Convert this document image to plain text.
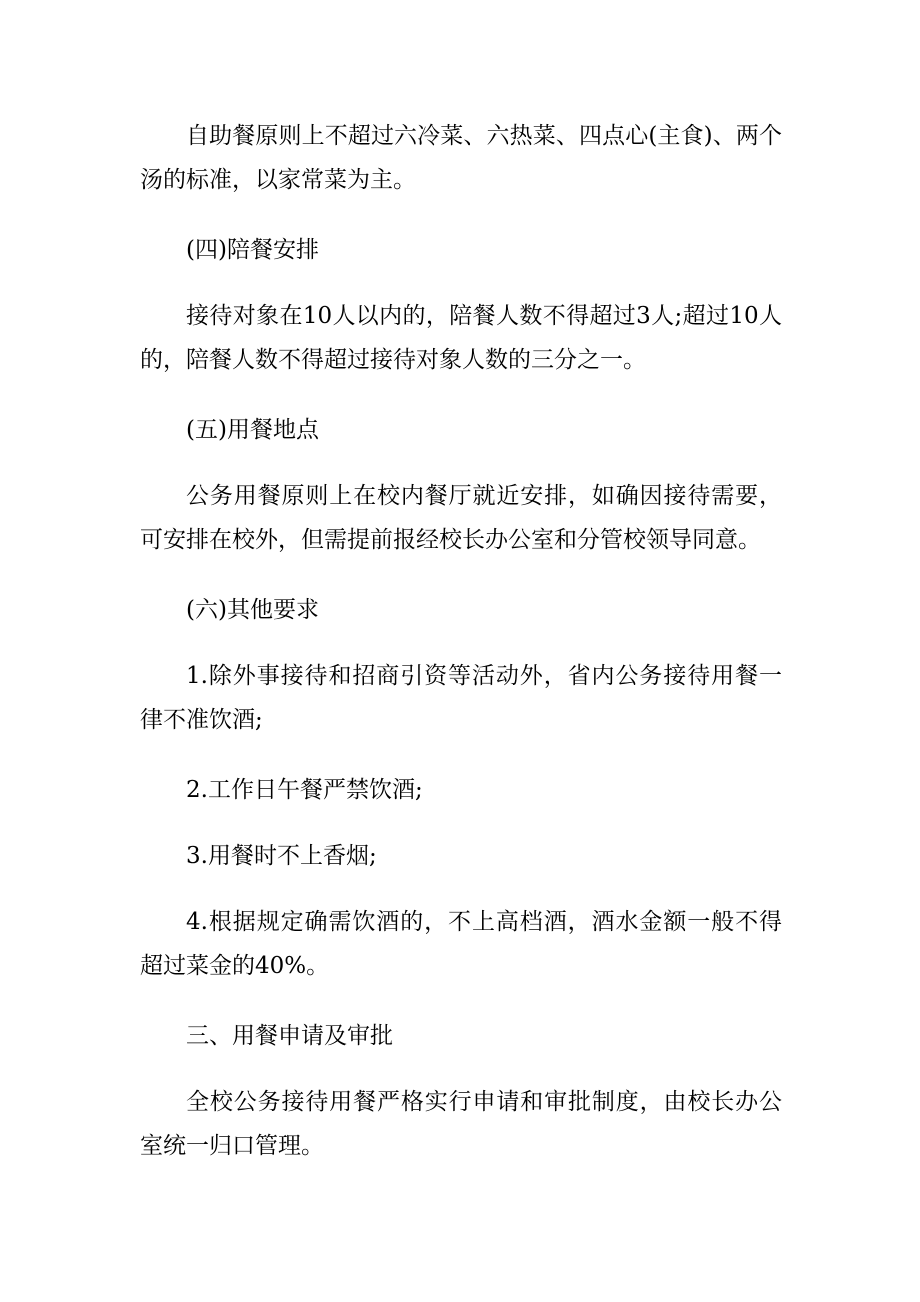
自助餐原则上不超过六冷菜、六热菜、四点心(主食)、两个汤的标准，以家常菜为主。

(四)陪餐安排

接待对象在10人以内的，陪餐人数不得超过3人;超过10人的，陪餐人数不得超过接待对象人数的三分之一。

(五)用餐地点

公务用餐原则上在校内餐厅就近安排，如确因接待需要，可安排在校外，但需提前报经校长办公室和分管校领导同意。

(六)其他要求

1.除外事接待和招商引资等活动外，省内公务接待用餐一律不准饮酒;

2.工作日午餐严禁饮酒;

3.用餐时不上香烟;

4.根据规定确需饮酒的，不上高档酒，酒水金额一般不得超过菜金的40%。

三、用餐申请及审批

全校公务接待用餐严格实行申请和审批制度，由校长办公室统一归口管理。
